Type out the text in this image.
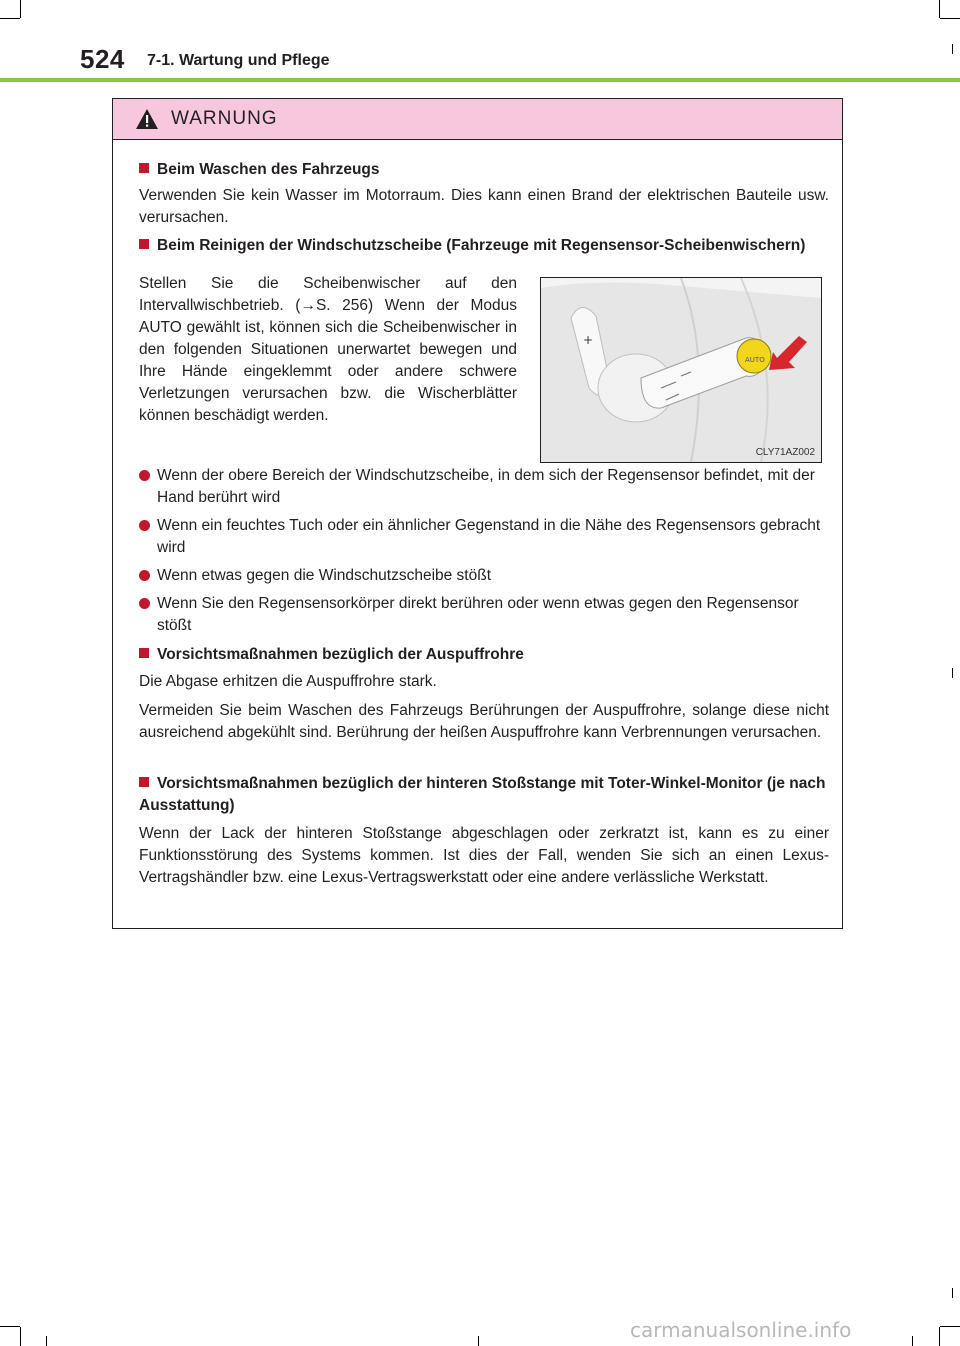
524 7-1. Wartung und Pflege
WARNUNG
Beim Waschen des Fahrzeugs
Verwenden Sie kein Wasser im Motorraum. Dies kann einen Brand der elektrischen Bauteile usw. verursachen.
Beim Reinigen der Windschutzscheibe (Fahrzeuge mit Regensensor-Scheibenwischern)
Stellen Sie die Scheibenwischer auf den Intervallwischbetrieb. (→S. 256) Wenn der Modus AUTO gewählt ist, können sich die Scheibenwischer in den folgenden Situationen unerwartet bewegen und Ihre Hände eingeklemmt oder andere schwere Verletzungen verursachen bzw. die Wischerblätter können beschädigt werden.
AUTO
+
CLY71AZ002
Wenn der obere Bereich der Windschutzscheibe, in dem sich der Regensensor befindet, mit der Hand berührt wird
Wenn ein feuchtes Tuch oder ein ähnlicher Gegenstand in die Nähe des Regensensors gebracht wird
Wenn etwas gegen die Windschutzscheibe stößt
Wenn Sie den Regensensorkörper direkt berühren oder wenn etwas gegen den Regensensor stößt
Vorsichtsmaßnahmen bezüglich der Auspuffrohre
Die Abgase erhitzen die Auspuffrohre stark.
Vermeiden Sie beim Waschen des Fahrzeugs Berührungen der Auspuffrohre, solange diese nicht ausreichend abgekühlt sind. Berührung der heißen Auspuffrohre kann Verbrennungen verursachen.
Vorsichtsmaßnahmen bezüglich der hinteren Stoßstange mit Toter-Winkel-Monitor (je nach Ausstattung)
Wenn der Lack der hinteren Stoßstange abgeschlagen oder zerkratzt ist, kann es zu einer Funktionsstörung des Systems kommen. Ist dies der Fall, wenden Sie sich an einen Lexus-Vertragshändler bzw. eine Lexus-Vertragswerkstatt oder eine andere verlässliche Werkstatt.
carmanualsonline.info
